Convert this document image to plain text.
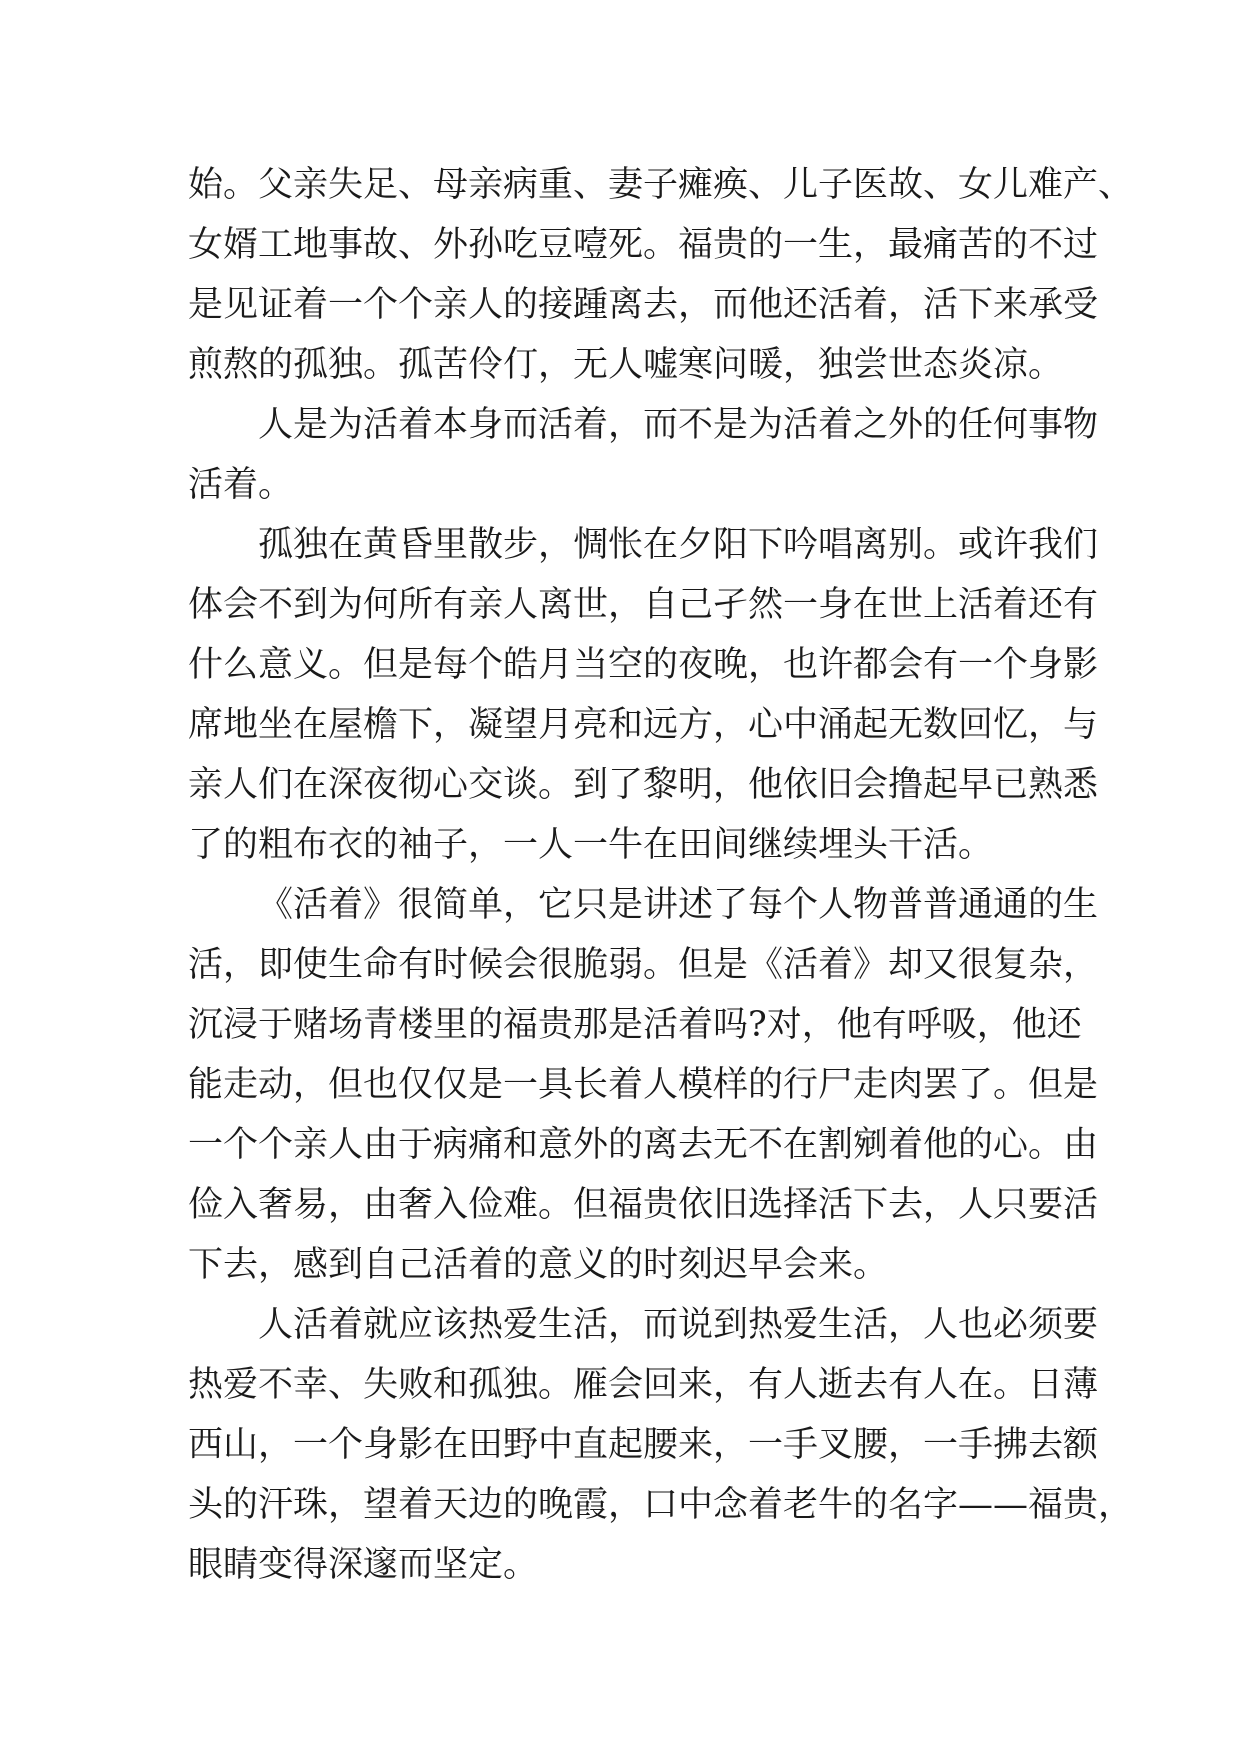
始。父亲失足、母亲病重、妻子瘫痪、儿子医故、女儿难产、
女婿工地事故、外孙吃豆噎死。福贵的一生，最痛苦的不过
是见证着一个个亲人的接踵离去，而他还活着，活下来承受
煎熬的孤独。孤苦伶仃，无人嘘寒问暖，独尝世态炎凉。
人是为活着本身而活着，而不是为活着之外的任何事物
活着。
孤独在黄昏里散步，惆怅在夕阳下吟唱离别。或许我们
体会不到为何所有亲人离世，自己孑然一身在世上活着还有
什么意义。但是每个皓月当空的夜晚，也许都会有一个身影
席地坐在屋檐下，凝望月亮和远方，心中涌起无数回忆，与
亲人们在深夜彻心交谈。到了黎明，他依旧会撸起早已熟悉
了的粗布衣的袖子，一人一牛在田间继续埋头干活。
《活着》很简单，它只是讲述了每个人物普普通通的生
活，即使生命有时候会很脆弱。但是《活着》却又很复杂，
沉浸于赌场青楼里的福贵那是活着吗?对，他有呼吸，他还
能走动，但也仅仅是一具长着人模样的行尸走肉罢了。但是
一个个亲人由于病痛和意外的离去无不在割剜着他的心。由
俭入奢易，由奢入俭难。但福贵依旧选择活下去，人只要活
下去，感到自己活着的意义的时刻迟早会来。
人活着就应该热爱生活，而说到热爱生活，人也必须要
热爱不幸、失败和孤独。雁会回来，有人逝去有人在。日薄
西山，一个身影在田野中直起腰来，一手叉腰，一手拂去额
头的汗珠，望着天边的晚霞，口中念着老牛的名字——福贵，
眼睛变得深邃而坚定。
